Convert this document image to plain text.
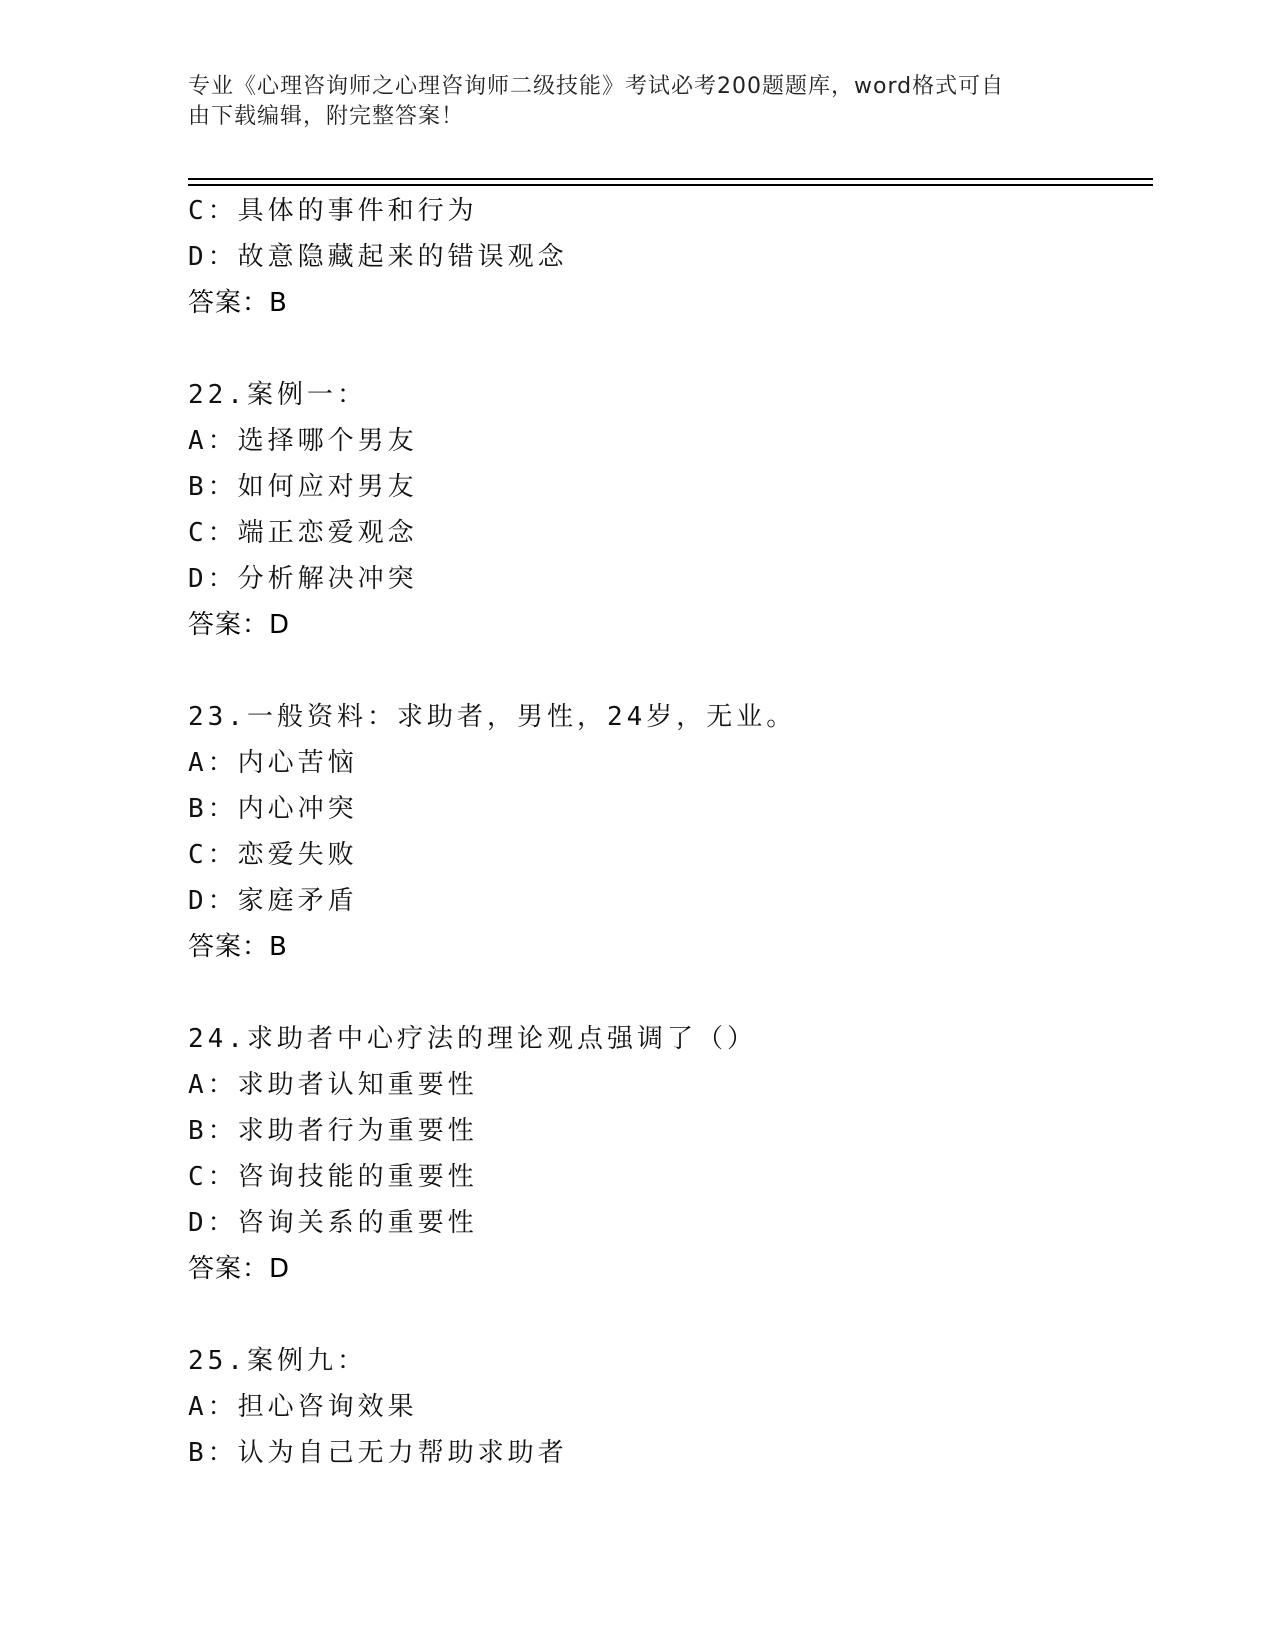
专业《心理咨询师之心理咨询师二级技能》考试必考200题题库，word格式可自
由下载编辑，附完整答案！
C：具体的事件和行为
D：故意隐藏起来的错误观念
答案：B
22.案例一：
A：选择哪个男友
B：如何应对男友
C：端正恋爱观念
D：分析解决冲突
答案：D
23.一般资料：求助者，男性，24岁，无业。
A：内心苦恼
B：内心冲突
C：恋爱失败
D：家庭矛盾
答案：B
24.求助者中心疗法的理论观点强调了（）
A：求助者认知重要性
B：求助者行为重要性
C：咨询技能的重要性
D：咨询关系的重要性
答案：D
25.案例九：
A：担心咨询效果
B：认为自己无力帮助求助者
